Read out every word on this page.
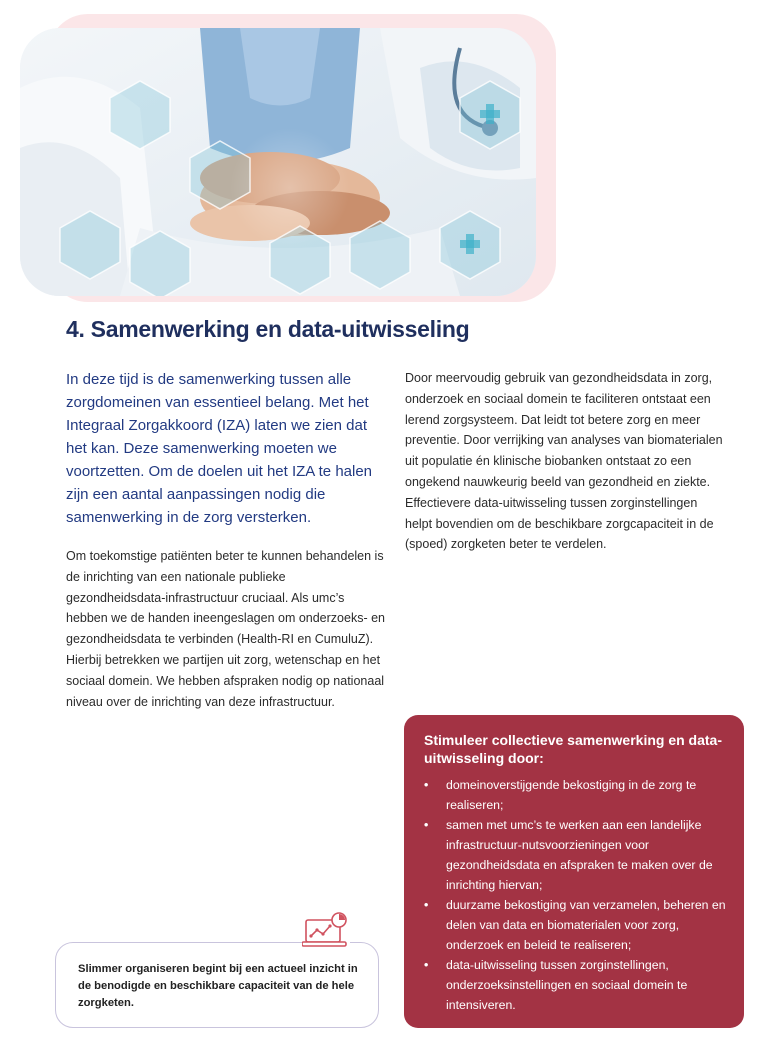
4. Samenwerking en data-uitwisseling

In deze tijd is de samenwerking tussen alle zorgdomeinen van essentieel belang. Met het Integraal Zorgakkoord (IZA) laten we zien dat het kan. Deze samenwerking moeten we voortzetten. Om de doelen uit het IZA te halen zijn een aantal aanpassingen nodig die samenwerking in de zorg versterken.

Om toekomstige patiënten beter te kunnen behandelen is de inrichting van een nationale publieke gezondheidsdata-infrastructuur cruciaal. Als umc’s hebben we de handen ineengeslagen om onderzoeks- en gezondheidsdata te verbinden (Health-RI en CumuluZ). Hierbij betrekken we partijen uit zorg, wetenschap en het sociaal domein. We hebben afspraken nodig op nationaal niveau over de inrichting van deze infrastructuur.

Door meervoudig gebruik van gezondheidsdata in zorg, onderzoek en sociaal domein te faciliteren ontstaat een lerend zorgsysteem. Dat leidt tot betere zorg en meer preventie. Door verrijking van analyses van biomaterialen uit populatie én klinische biobanken ontstaat zo een ongekend nauwkeurig beeld van gezondheid en ziekte. Effectievere data-uitwisseling tussen zorginstellingen helpt bovendien om de beschikbare zorgcapaciteit in de (spoed) zorgketen beter te verdelen.

Stimuleer collectieve samenwerking en data-uitwisseling door:
• domeinoverstijgende bekostiging in de zorg te realiseren;
• samen met umc’s te werken aan een landelijke infrastructuur-nutsvoorzieningen voor gezondheidsdata en afspraken te maken over de inrichting hiervan;
• duurzame bekostiging van verzamelen, beheren en delen van data en biomaterialen voor zorg, onderzoek en beleid te realiseren;
• data-uitwisseling tussen zorginstellingen, onderzoeksinstellingen en sociaal domein te intensiveren.

Slimmer organiseren begint bij een actueel inzicht in de benodigde en beschikbare capaciteit van de hele zorgketen.
